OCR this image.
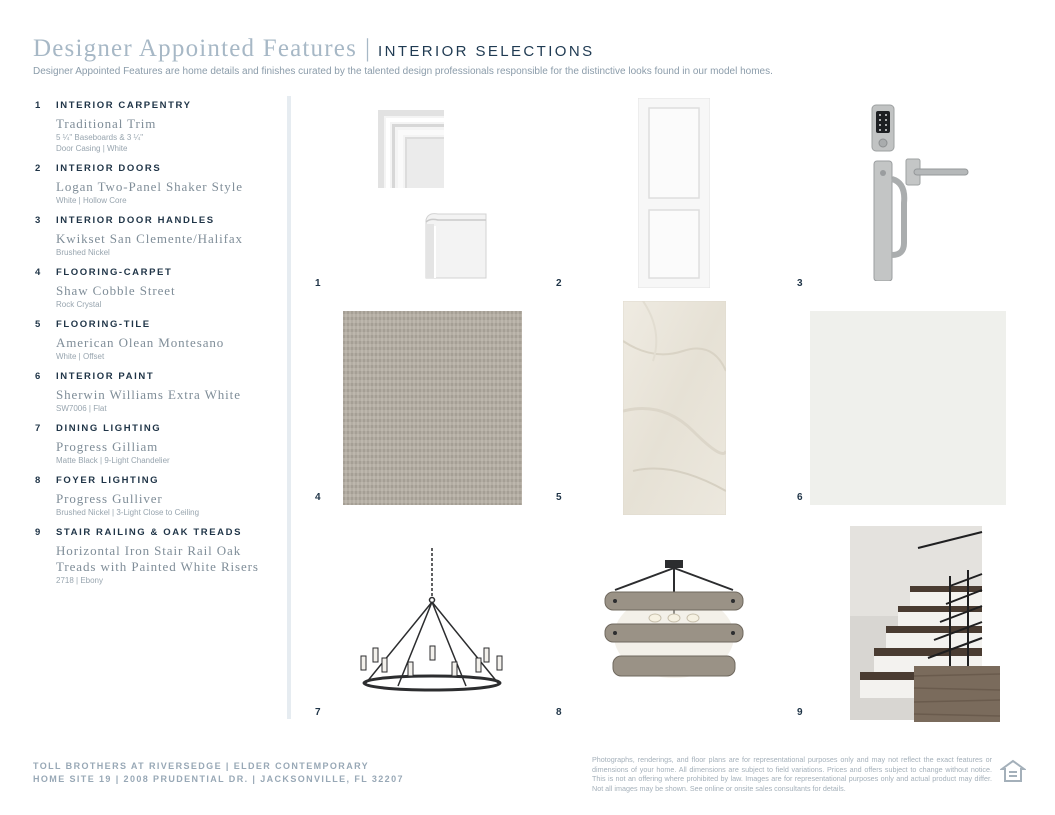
Designer Appointed Features | INTERIOR SELECTIONS
Designer Appointed Features are home details and finishes curated by the talented design professionals responsible for the distinctive looks found in our model homes.
1	INTERIOR CARPENTRY
Traditional Trim
5 ¼" Baseboards & 3 ¼"
Door Casing | White
2	INTERIOR DOORS
Logan Two-Panel Shaker Style
White | Hollow Core
3	INTERIOR DOOR HANDLES
Kwikset San Clemente/Halifax
Brushed Nickel
4	FLOORING-CARPET
Shaw Cobble Street
Rock Crystal
5	FLOORING-TILE
American Olean Montesano
White | Offset
6	INTERIOR PAINT
Sherwin Williams Extra White
SW7006 | Flat
7	DINING LIGHTING
Progress Gilliam
Matte Black | 9-Light Chandelier
8	FOYER LIGHTING
Progress Gulliver
Brushed Nickel | 3-Light Close to Ceiling
9	STAIR RAILING & OAK TREADS
Horizontal Iron Stair Rail Oak Treads with Painted White Risers
2718 | Ebony
1	2	3
4	5	6
7	8	9
TOLL BROTHERS AT RIVERSEDGE | ELDER CONTEMPORARY
HOME SITE 19 | 2008 PRUDENTIAL DR. | JACKSONVILLE, FL 32207
Photographs, renderings, and floor plans are for representational purposes only and may not reflect the exact features or dimensions of your home. All dimensions are subject to field variations. Prices and offers subject to change without notice. This is not an offering where prohibited by law. Images are for representational purposes only and actual product may differ. Not all images may be shown. See online or onsite sales consultants for details.
